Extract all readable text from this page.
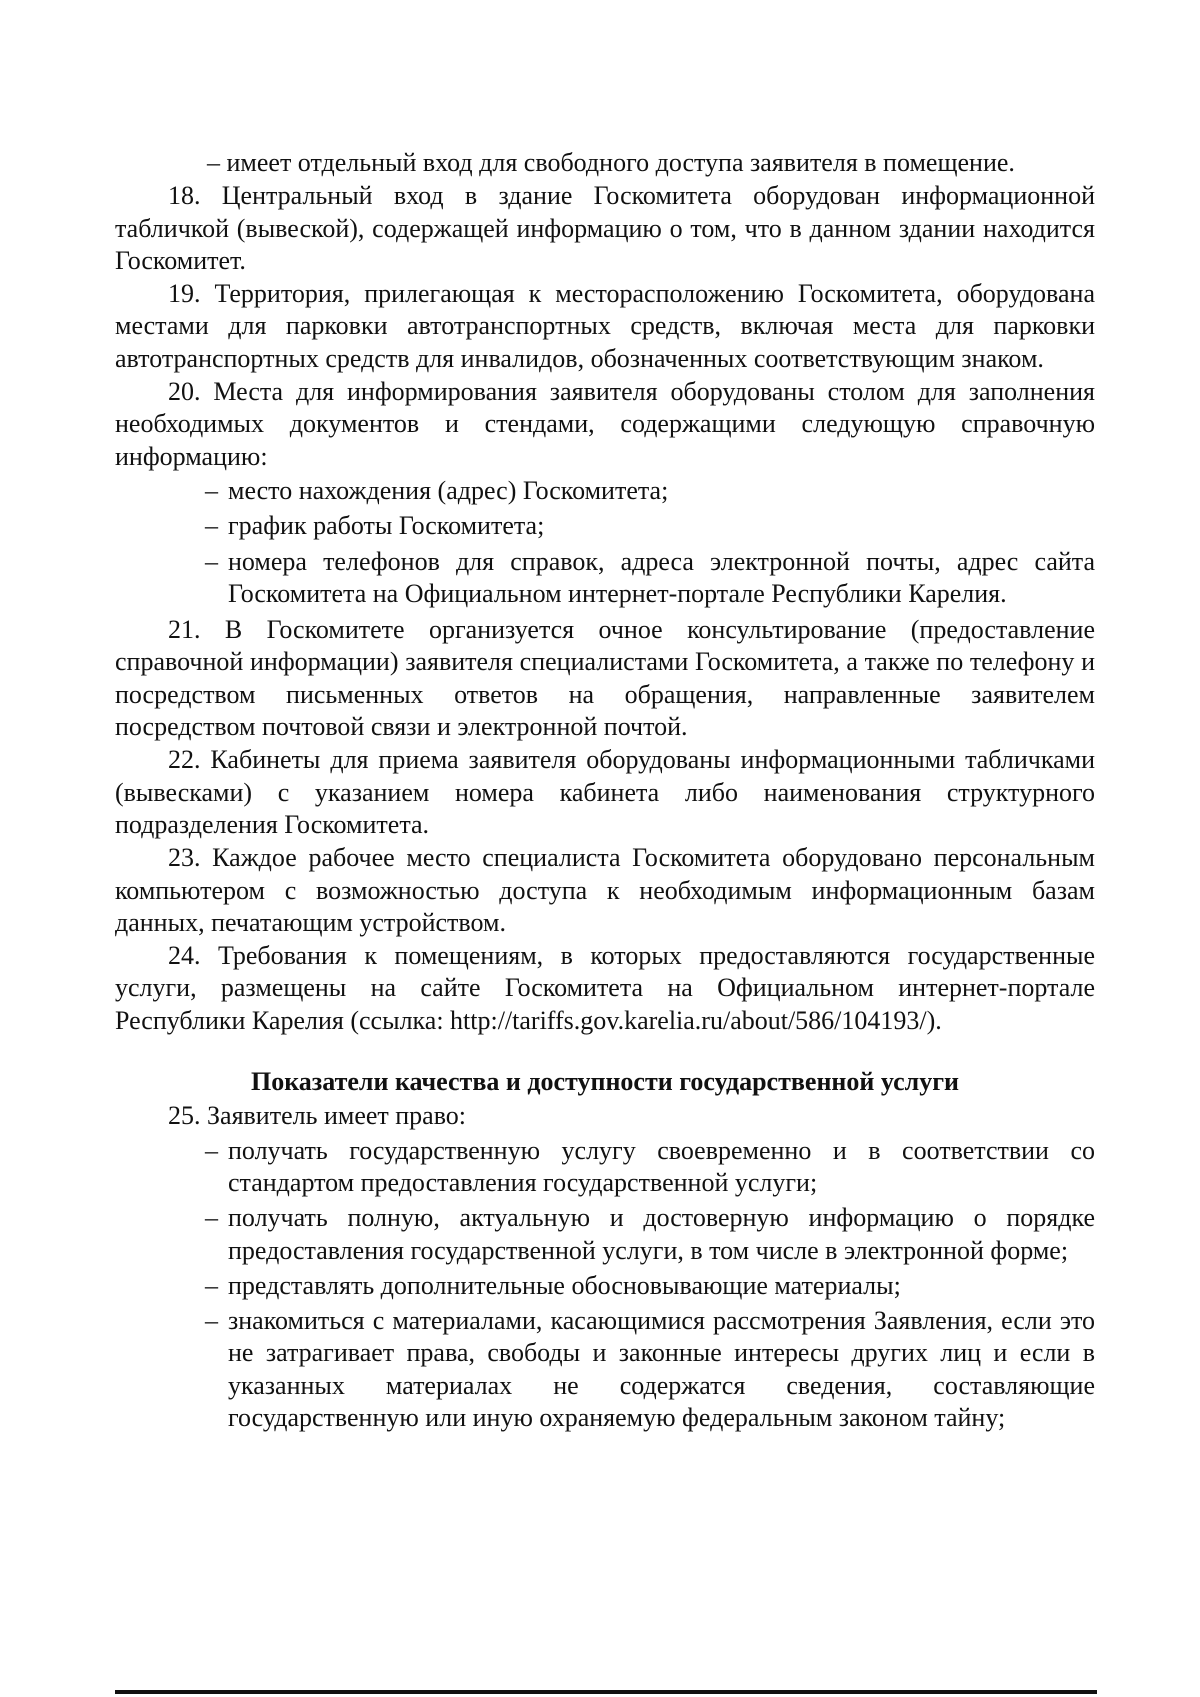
– имеет отдельный вход для свободного доступа заявителя в помещение.

18. Центральный вход в здание Госкомитета оборудован информационной табличкой (вывеской), содержащей информацию о том, что в данном здании находится Госкомитет.

19. Территория, прилегающая к месторасположению Госкомитета, оборудована местами для парковки автотранспортных средств, включая места для парковки автотранспортных средств для инвалидов, обозначенных соответствующим знаком.

20. Места для информирования заявителя оборудованы столом для заполнения необходимых документов и стендами, содержащими следующую справочную информацию:

– место нахождения (адрес) Госкомитета;
– график работы Госкомитета;
– номера телефонов для справок, адреса электронной почты, адрес сайта Госкомитета на Официальном интернет-портале Республики Карелия.

21. В Госкомитете организуется очное консультирование (предоставление справочной информации) заявителя специалистами Госкомитета, а также по телефону и посредством письменных ответов на обращения, направленные заявителем посредством почтовой связи и электронной почтой.

22. Кабинеты для приема заявителя оборудованы информационными табличками (вывесками) с указанием номера кабинета либо наименования структурного подразделения Госкомитета.

23. Каждое рабочее место специалиста Госкомитета оборудовано персональным компьютером с возможностью доступа к необходимым информационным базам данных, печатающим устройством.

24. Требования к помещениям, в которых предоставляются государственные услуги, размещены на сайте Госкомитета на Официальном интернет-портале Республики Карелия (ссылка: http://tariffs.gov.karelia.ru/about/586/104193/).

Показатели качества и доступности государственной услуги

25. Заявитель имеет право:

– получать государственную услугу своевременно и в соответствии со стандартом предоставления государственной услуги;
– получать полную, актуальную и достоверную информацию о порядке предоставления государственной услуги, в том числе в электронной форме;
– представлять дополнительные обосновывающие материалы;
– знакомиться с материалами, касающимися рассмотрения Заявления, если это не затрагивает права, свободы и законные интересы других лиц и если в указанных материалах не содержатся сведения, составляющие государственную или иную охраняемую федеральным законом тайну;
